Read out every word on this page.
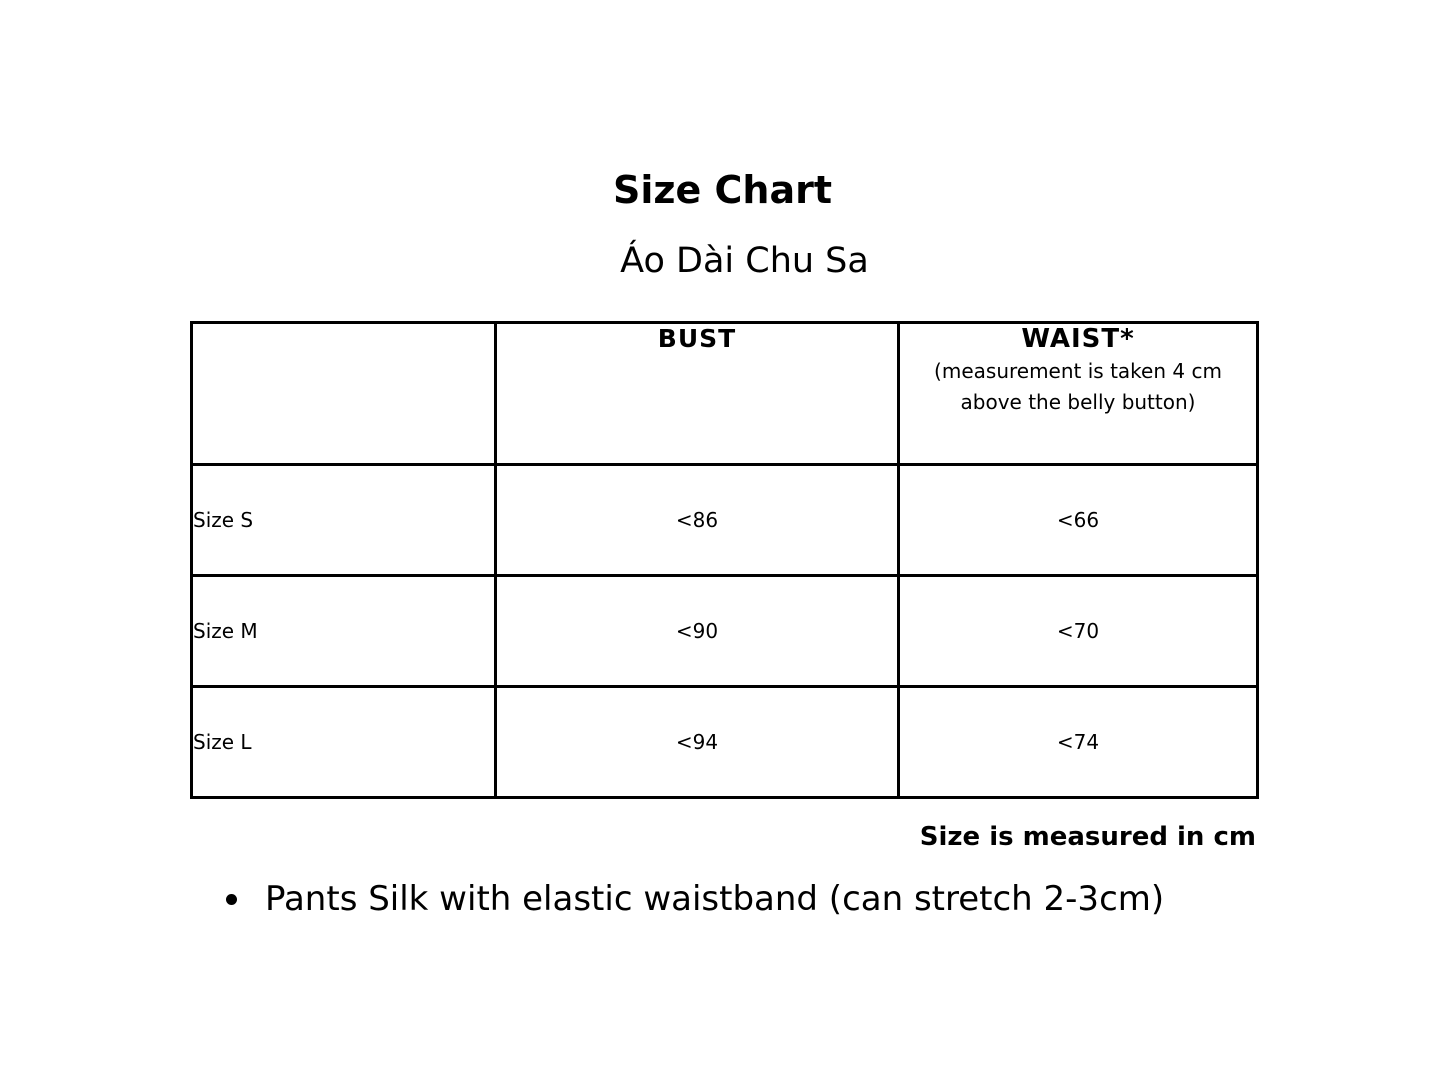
Size Chart
Áo Dài Chu Sa
	BUST	WAIST*
(measurement is taken 4 cm above the belly button)

Size S	<86	<66
Size M	<90	<70
Size L	<94	<74
Size is measured in cm
Pants Silk with elastic waistband (can stretch 2-3cm)
